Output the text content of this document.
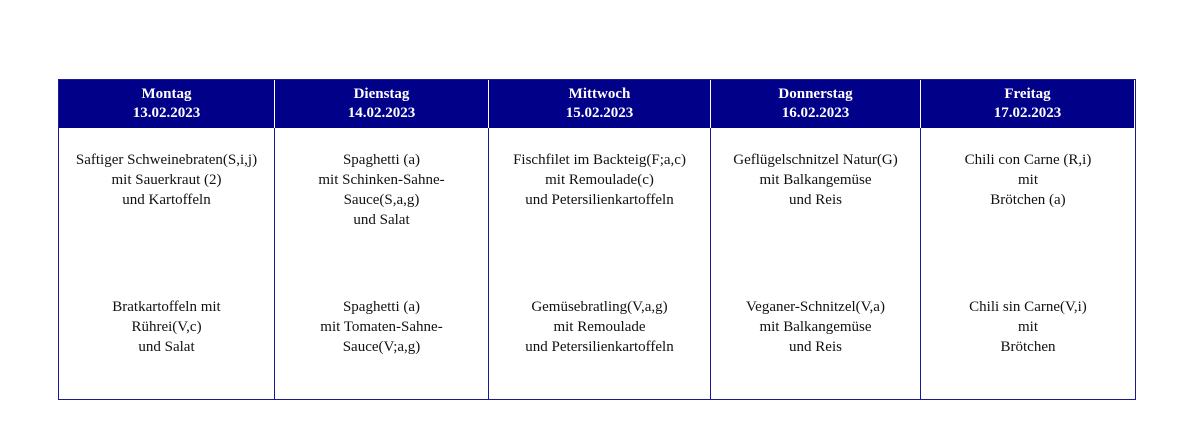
Montag
13.02.2023
Dienstag
14.02.2023
Mittwoch
15.02.2023
Donnerstag
16.02.2023
Freitag
17.02.2023
Saftiger Schweinebraten(S,i,j)
mit Sauerkraut (2)
und Kartoffeln
Spaghetti (a)
mit Schinken-Sahne-
Sauce(S,a,g)
und Salat
Fischfilet im Backteig(F;a,c)
mit Remoulade(c)
und Petersilienkartoffeln
Geflügelschnitzel Natur(G)
mit Balkangemüse
und Reis
Chili con Carne (R,i)
mit
Brötchen (a)
Bratkartoffeln mit
Rührei(V,c)
und Salat
Spaghetti (a)
mit Tomaten-Sahne-
Sauce(V;a,g)
Gemüsebratling(V,a,g)
mit Remoulade
und Petersilienkartoffeln
Veganer-Schnitzel(V,a)
mit Balkangemüse
und Reis
Chili sin Carne(V,i)
mit
Brötchen
